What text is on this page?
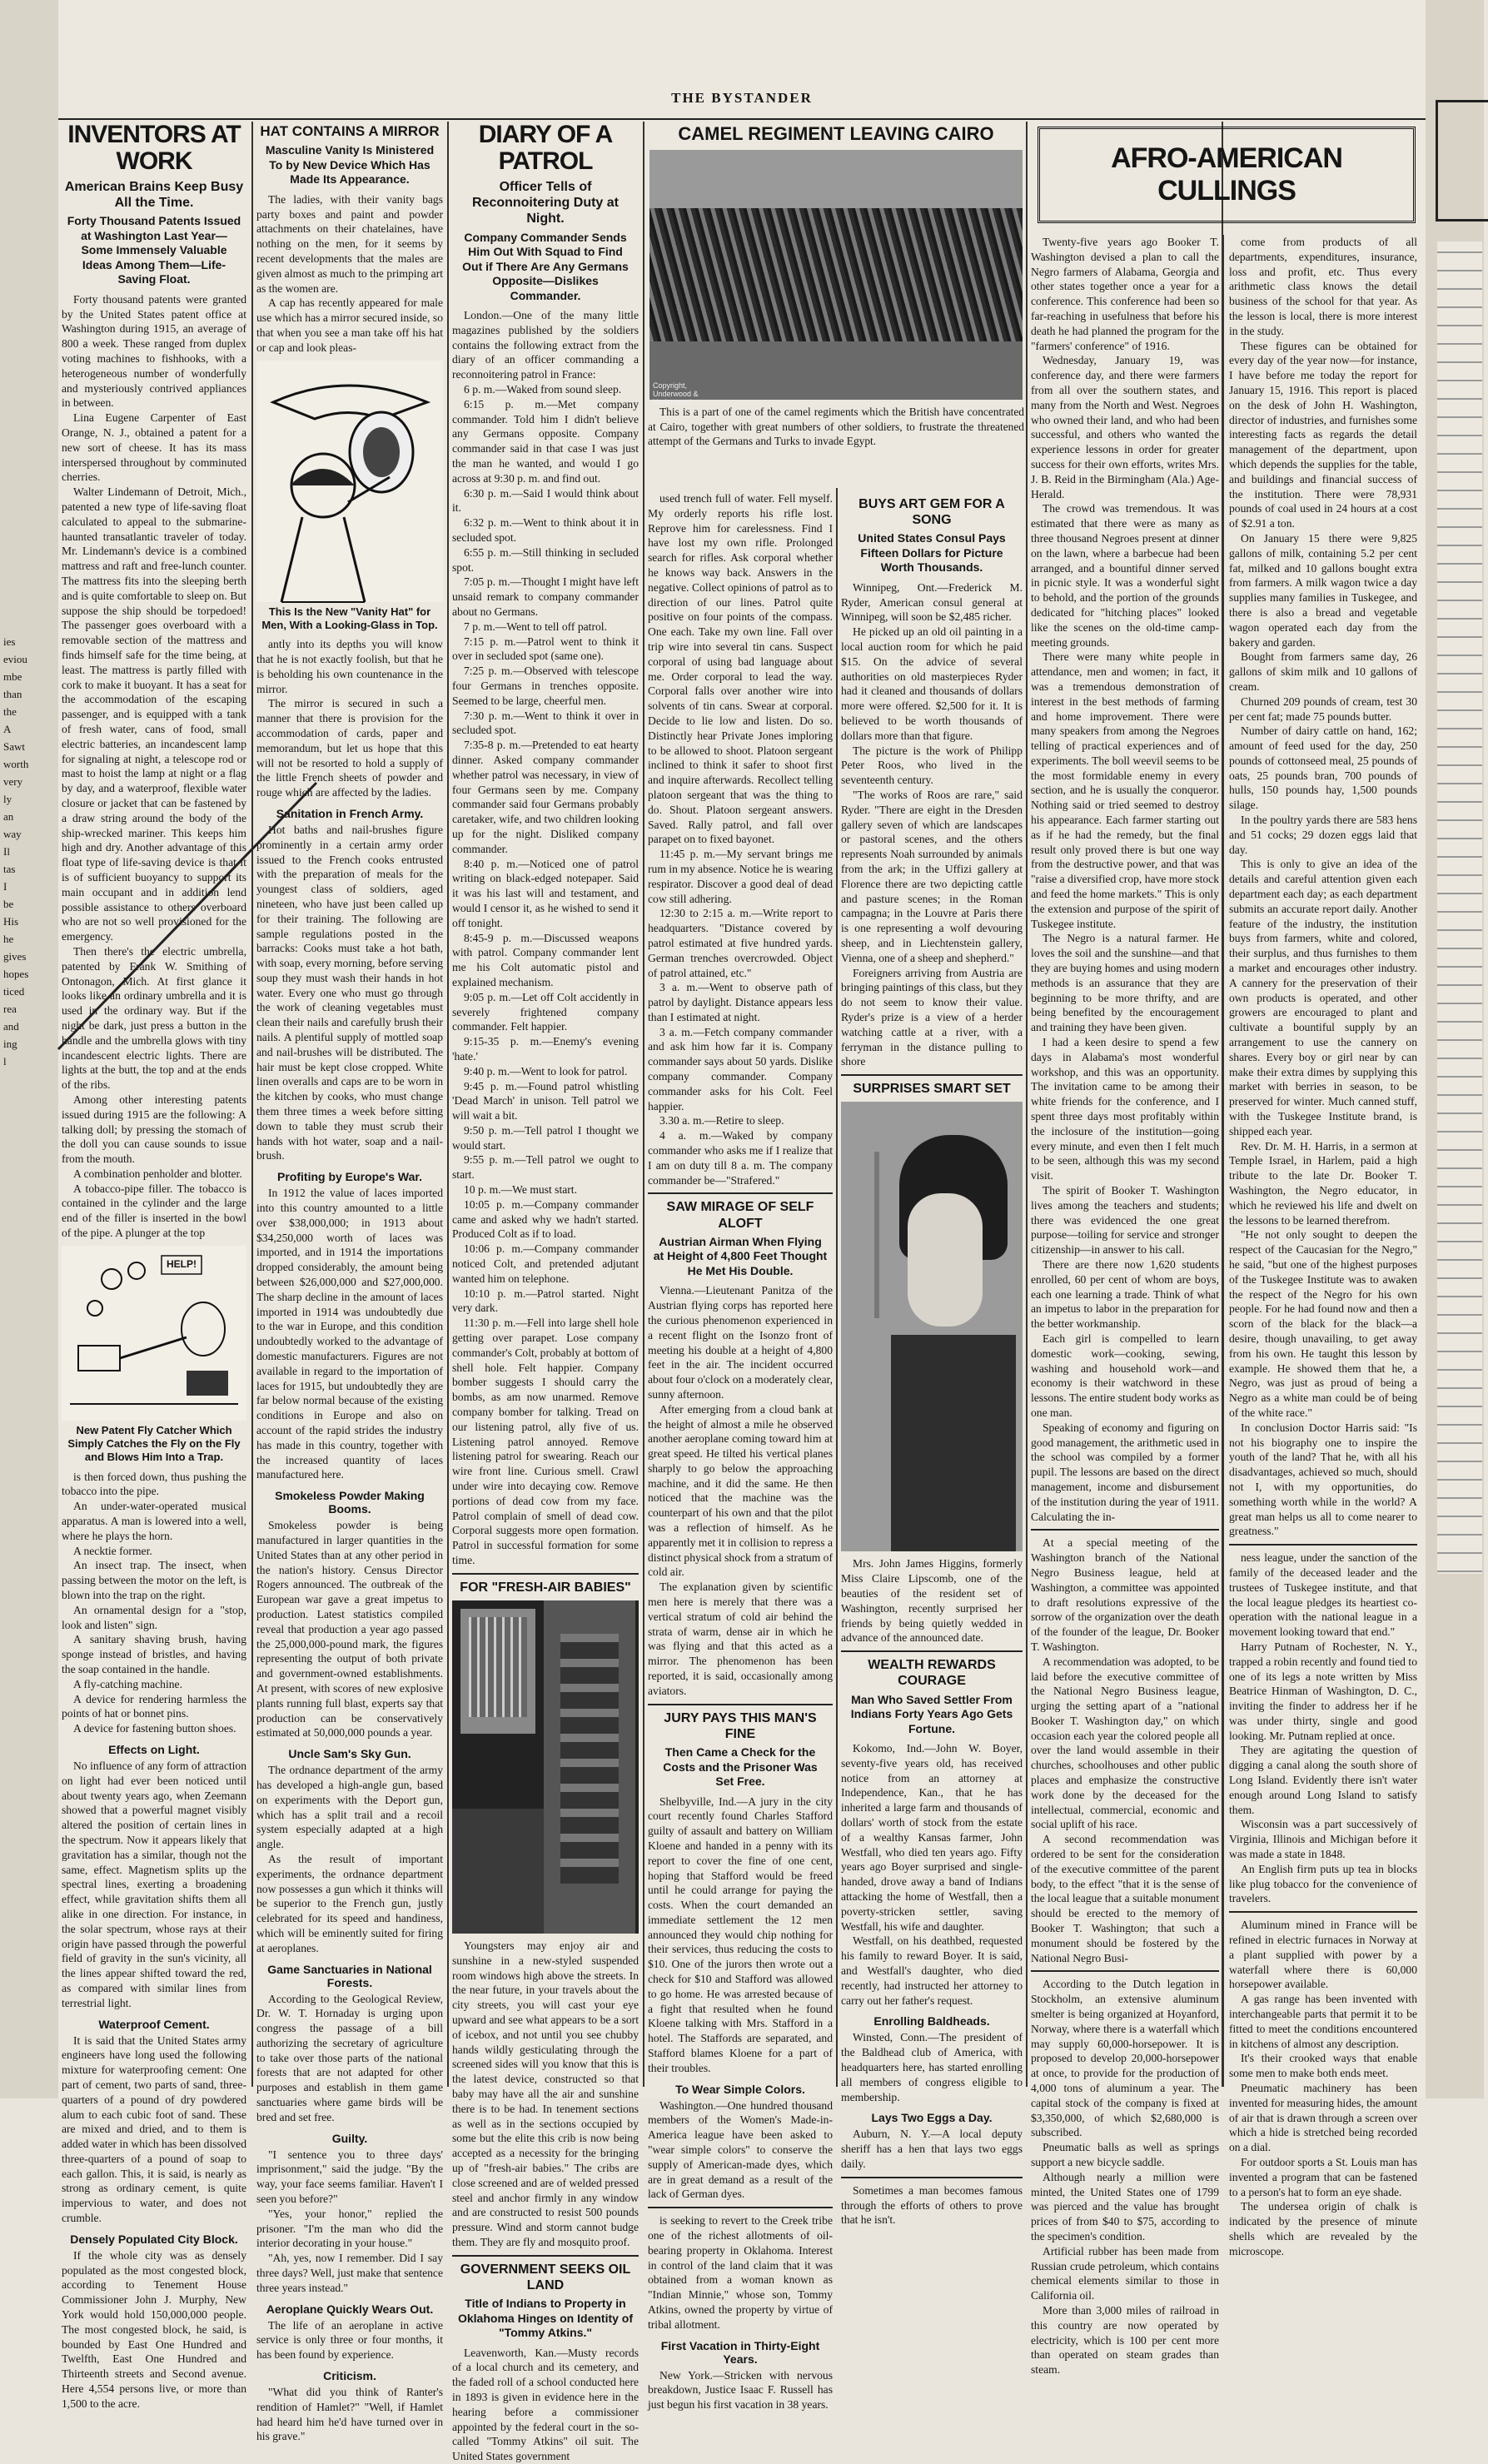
ies eviou mbe than the A Sawt worth very ly an way Il tas I be His he gives hopes ticed rea and ing l
THE BYSTANDER
INVENTORS AT WORK
American Brains Keep Busy All the Time.
Forty Thousand Patents Issued at Washington Last Year—Some Immensely Valuable Ideas Among Them—Life-Saving Float.

Forty thousand patents were granted by the United States patent office at Washington during 1915, an average of 800 a week. These ranged from duplex voting machines to fishhooks, with a heterogeneous number of wonderfully and mysteriously contrived appliances in between.

Lina Eugene Carpenter of East Orange, N. J., obtained a patent for a new sort of cheese. It has its mass interspersed throughout by comminuted cherries.

Walter Lindemann of Detroit, Mich., patented a new type of life-saving float calculated to appeal to the submarine-haunted transatlantic traveler of today. Mr. Lindemann's device is a combined mattress and raft and free-lunch counter. The mattress fits into the sleeping berth and is quite comfortable to sleep on. But suppose the ship should be torpedoed! The passenger goes overboard with a removable section of the mattress and finds himself safe for the time being, at least. The mattress is partly filled with cork to make it buoyant. It has a seat for the accommodation of the escaping passenger, and is equipped with a tank of fresh water, cans of food, small electric batteries, an incandescent lamp for signaling at night, a telescope rod or mast to hoist the lamp at night or a flag by day, and a waterproof, flexible water closure or jacket that can be fastened by a draw string around the body of the ship-wrecked mariner. This keeps him high and dry. Another advantage of this float type of life-saving device is that it is of sufficient buoyancy to support its main occupant and in addition lend possible assistance to others overboard who are not so well provisioned for the emergency.

Then there's the electric umbrella, patented by Frank W. Smithing of Ontonagon, Mich. At first glance it looks like an ordinary umbrella and it is used in the ordinary way. But if the night be dark, just press a button in the handle and the umbrella glows with tiny incandescent electric lights. There are lights at the butt, the top and at the ends of the ribs.

Among other interesting patents issued during 1915 are the following: A talking doll; by pressing the stomach of the doll you can cause sounds to issue from the mouth.

A combination penholder and blotter.

A tobacco-pipe filler. The tobacco is contained in the cylinder and the large end of the filler is inserted in the bowl of the pipe. A plunger at the top

HELP!
New Patent Fly Catcher Which Simply Catches the Fly on the Fly and Blows Him Into a Trap.

is then forced down, thus pushing the tobacco into the pipe.

An under-water-operated musical apparatus. A man is lowered into a well, where he plays the horn.

A necktie former.

An insect trap. The insect, when passing between the motor on the left, is blown into the trap on the right.

An ornamental design for a "stop, look and listen" sign.

A sanitary shaving brush, having sponge instead of bristles, and having the soap contained in the handle.

A fly-catching machine.

A device for rendering harmless the points of hat or bonnet pins.

A device for fastening button shoes.

Effects on Light.

No influence of any form of attraction on light had ever been noticed until about twenty years ago, when Zeemann showed that a powerful magnet visibly altered the position of certain lines in the spectrum. Now it appears likely that gravitation has a similar, though not the same, effect. Magnetism splits up the spectral lines, exerting a broadening effect, while gravitation shifts them all alike in one direction. For instance, in the solar spectrum, whose rays at their origin have passed through the powerful field of gravity in the sun's vicinity, all the lines appear shifted toward the red, as compared with similar lines from terrestrial light.

Waterproof Cement.

It is said that the United States army engineers have long used the following mixture for waterproofing cement: One part of cement, two parts of sand, three-quarters of a pound of dry powdered alum to each cubic foot of sand. These are mixed and dried, and to them is added water in which has been dissolved three-quarters of a pound of soap to each gallon. This, it is said, is nearly as strong as ordinary cement, is quite impervious to water, and does not crumble.

Densely Populated City Block.

If the whole city was as densely populated as the most congested block, according to Tenement House Commissioner John J. Murphy, New York would hold 150,000,000 people. The most congested block, he said, is bounded by East One Hundred and Twelfth, East One Hundred and Thirteenth streets and Second avenue. Here 4,554 persons live, or more than 1,500 to the acre.

HAT CONTAINS A MIRROR
Masculine Vanity Is Ministered To by New Device Which Has Made Its Appearance.

The ladies, with their vanity bags party boxes and paint and powder attachments on their chatelaines, have nothing on the men, for it seems by recent developments that the males are given almost as much to the primping art as the women are.

A cap has recently appeared for male use which has a mirror secured inside, so that when you see a man take off his hat or cap and look pleas-

This Is the New "Vanity Hat" for Men, With a Looking-Glass in Top.

antly into its depths you will know that he is not exactly foolish, but that he is beholding his own countenance in the mirror.

The mirror is secured in such a manner that there is provision for the accommodation of cards, paper and memorandum, but let us hope that this will not be resorted to hold a supply of the little French sheets of powder and rouge which are affected by the ladies.

Sanitation in French Army.

Hot baths and nail-brushes figure prominently in a certain army order issued to the French cooks entrusted with the preparation of meals for the youngest class of soldiers, aged nineteen, who have just been called up for their training. The following are sample regulations posted in the barracks: Cooks must take a hot bath, with soap, every morning, before serving soup they must wash their hands in hot water. Every one who must go through the work of cleaning vegetables must clean their nails and carefully brush their nails. A plentiful supply of mottled soap and nail-brushes will be distributed. The hair must be kept close cropped. White linen overalls and caps are to be worn in the kitchen by cooks, who must change them three times a week before sitting down to table they must scrub their hands with hot water, soap and a nail-brush.

Profiting by Europe's War.

In 1912 the value of laces imported into this country amounted to a little over $38,000,000; in 1913 about $34,250,000 worth of laces was imported, and in 1914 the importations dropped considerably, the amount being between $26,000,000 and $27,000,000. The sharp decline in the amount of laces imported in 1914 was undoubtedly due to the war in Europe, and this condition undoubtedly worked to the advantage of domestic manufacturers. Figures are not available in regard to the importation of laces for 1915, but undoubtedly they are far below normal because of the existing conditions in Europe and also on account of the rapid strides the industry has made in this country, together with the increased quantity of laces manufactured here.

Smokeless Powder Making Booms.

Smokeless powder is being manufactured in larger quantities in the United States than at any other period in the nation's history. Census Director Rogers announced. The outbreak of the European war gave a great impetus to production. Latest statistics compiled reveal that production a year ago passed the 25,000,000-pound mark, the figures representing the output of both private and government-owned establishments. At present, with scores of new explosive plants running full blast, experts say that production can be conservatively estimated at 50,000,000 pounds a year.

Uncle Sam's Sky Gun.

The ordnance department of the army has developed a high-angle gun, based on experiments with the Deport gun, which has a split trail and a recoil system especially adapted at a high angle.

As the result of important experiments, the ordnance department now possesses a gun which it thinks will be superior to the French gun, justly celebrated for its speed and handiness, which will be eminently suited for firing at aeroplanes.

Game Sanctuaries in National Forests.

According to the Geological Review, Dr. W. T. Hornaday is urging upon congress the passage of a bill authorizing the secretary of agriculture to take over those parts of the national forests that are not adapted for other purposes and establish in them game sanctuaries where game birds will be bred and set free.

Guilty.

"I sentence you to three days' imprisonment," said the judge. "By the way, your face seems familiar. Haven't I seen you before?"

"Yes, your honor," replied the prisoner. "I'm the man who did the interior decorating in your house."

"Ah, yes, now I remember. Did I say three days? Well, just make that sentence three years instead."

Aeroplane Quickly Wears Out.

The life of an aeroplane in active service is only three or four months, it has been found by experience.

Criticism.

"What did you think of Ranter's rendition of Hamlet?" "Well, if Hamlet had heard him he'd have turned over in his grave."

DIARY OF A PATROL
Officer Tells of Reconnoitering Duty at Night.
Company Commander Sends Him Out With Squad to Find Out if There Are Any Germans Opposite—Dislikes Commander.

London.—One of the many little magazines published by the soldiers contains the following extract from the diary of an officer commanding a reconnoitering patrol in France:

6 p. m.—Waked from sound sleep.

6:15 p. m.—Met company commander. Told him I didn't believe any Germans opposite. Company commander said in that case I was just the man he wanted, and would I go across at 9:30 p. m. and find out.

6:30 p. m.—Said I would think about it.

6:32 p. m.—Went to think about it in secluded spot.

6:55 p. m.—Still thinking in secluded spot.

7:05 p. m.—Thought I might have left unsaid remark to company commander about no Germans.

7 p. m.—Went to tell off patrol.

7:15 p. m.—Patrol went to think it over in secluded spot (same one).

7:25 p. m.—Observed with telescope four Germans in trenches opposite. Seemed to be large, cheerful men.

7:30 p. m.—Went to think it over in secluded spot.

7:35-8 p. m.—Pretended to eat hearty dinner. Asked company commander whether patrol was necessary, in view of four Germans seen by me. Company commander said four Germans probably caretaker, wife, and two children looking up for the night. Disliked company commander.

8:40 p. m.—Noticed one of patrol writing on black-edged notepaper. Said it was his last will and testament, and would I censor it, as he wished to send it off tonight.

8:45-9 p. m.—Discussed weapons with patrol. Company commander lent me his Colt automatic pistol and explained mechanism.

9:05 p. m.—Let off Colt accidently in severely frightened company commander. Felt happier.

9:15-35 p. m.—Enemy's evening 'hate.'

9:40 p. m.—Went to look for patrol.

9:45 p. m.—Found patrol whistling 'Dead March' in unison. Tell patrol we will wait a bit.

9:50 p. m.—Tell patrol I thought we would start.

9:55 p. m.—Tell patrol we ought to start.

10 p. m.—We must start.

10:05 p. m.—Company commander came and asked why we hadn't started. Produced Colt as if to load.

10:06 p. m.—Company commander noticed Colt, and pretended adjutant wanted him on telephone.

10:10 p. m.—Patrol started. Night very dark.

11:30 p. m.—Fell into large shell hole getting over parapet. Lose company commander's Colt, probably at bottom of shell hole. Felt happier. Company bomber suggests I should carry the bombs, as am now unarmed. Remove company bomber for talking. Tread on our listening patrol, ally five of us. Listening patrol annoyed. Remove listening patrol for swearing. Reach our wire front line. Curious smell. Crawl under wire into decaying cow. Remove portions of dead cow from my face. Patrol complain of smell of dead cow. Corporal suggests more open formation. Patrol in successful formation for some time.

FOR "FRESH-AIR BABIES"

Youngsters may enjoy air and sunshine in a new-styled suspended room windows high above the streets. In the near future, in your travels about the city streets, you will cast your eye upward and see what appears to be a sort of icebox, and not until you see chubby hands wildly gesticulating through the screened sides will you know that this is the latest device, constructed so that baby may have all the air and sunshine there is to be had. In tenement sections as well as in the sections occupied by some but the elite this crib is now being accepted as a necessity for the bringing up of "fresh-air babies." The cribs are close screened and are of welded pressed steel and anchor firmly in any window and are constructed to resist 500 pounds pressure. Wind and storm cannot budge them. They are fly and mosquito proof.

GOVERNMENT SEEKS OIL LAND
Title of Indians to Property in Oklahoma Hinges on Identity of "Tommy Atkins."

Leavenworth, Kan.—Musty records of a local church and its cemetery, and the faded roll of a school conducted here in 1893 is given in evidence here in the hearing before a commissioner appointed by the federal court in the so-called "Tommy Atkins" oil suit. The United States government

CAMEL REGIMENT LEAVING CAIRO
Copyright, Underwood & Underwood

This is a part of one of the camel regiments which the British have concentrated at Cairo, together with great numbers of other soldiers, to frustrate the threatened attempt of the Germans and Turks to invade Egypt.

used trench full of water. Fell myself. My orderly reports his rifle lost. Reprove him for carelessness. Find I have lost my own rifle. Prolonged search for rifles. Ask corporal whether he knows way back. Answers in the negative. Collect opinions of patrol as to direction of our lines. Patrol quite positive on four points of the compass. One each. Take my own line. Fall over trip wire into several tin cans. Suspect corporal of using bad language about me. Order corporal to lead the way. Corporal falls over another wire into solvents of tin cans. Swear at corporal. Decide to lie low and listen. Do so. Distinctly hear Private Jones imploring to be allowed to shoot. Platoon sergeant inclined to think it safer to shoot first and inquire afterwards. Recollect telling platoon sergeant that was the thing to do. Shout. Platoon sergeant answers. Saved. Rally patrol, and fall over parapet on to fixed bayonet.

11:45 p. m.—My servant brings me rum in my absence. Notice he is wearing respirator. Discover a good deal of dead cow still adhering.

12:30 to 2:15 a. m.—Write report to headquarters. "Distance covered by patrol estimated at five hundred yards. German trenches overcrowded. Object of patrol attained, etc."

3 a. m.—Went to observe path of patrol by daylight. Distance appears less than I estimated at night.

3 a. m.—Fetch company commander and ask him how far it is. Company commander says about 50 yards. Dislike company commander. Company commander asks for his Colt. Feel happier.

3.30 a. m.—Retire to sleep.

4 a. m.—Waked by company commander who asks me if I realize that I am on duty till 8 a. m. The company commander be—"Strafered."

SAW MIRAGE OF SELF ALOFT
Austrian Airman When Flying at Height of 4,800 Feet Thought He Met His Double.

Vienna.—Lieutenant Panitza of the Austrian flying corps has reported here the curious phenomenon experienced in a recent flight on the Isonzo front of meeting his double at a height of 4,800 feet in the air. The incident occurred about four o'clock on a moderately clear, sunny afternoon.

After emerging from a cloud bank at the height of almost a mile he observed another aeroplane coming toward him at great speed. He tilted his vertical planes sharply to go below the approaching machine, and it did the same. He then noticed that the machine was the counterpart of his own and that the pilot was a reflection of himself. As he apparently met it in collision to repress a distinct physical shock from a stratum of cold air.

The explanation given by scientific men here is merely that there was a vertical stratum of cold air behind the strata of warm, dense air in which he was flying and that this acted as a mirror. The phenomenon has been reported, it is said, occasionally among aviators.

JURY PAYS THIS MAN'S FINE
Then Came a Check for the Costs and the Prisoner Was Set Free.

Shelbyville, Ind.—A jury in the city court recently found Charles Stafford guilty of assault and battery on William Kloene and handed in a penny with its report to cover the fine of one cent, hoping that Stafford would be freed until he could arrange for paying the costs. When the court demanded an immediate settlement the 12 men announced they would chip nothing for their services, thus reducing the costs to $10. One of the jurors then wrote out a check for $10 and Stafford was allowed to go home. He was arrested because of a fight that resulted when he found Kloene talking with Mrs. Stafford in a hotel. The Staffords are separated, and Stafford blames Kloene for a part of their troubles.

To Wear Simple Colors.

Washington.—One hundred thousand members of the Women's Made-in-America league have been asked to "wear simple colors" to conserve the supply of American-made dyes, which are in great demand as a result of the lack of German dyes.

is seeking to revert to the Creek tribe one of the richest allotments of oil-bearing property in Oklahoma. Interest in control of the land claim that it was obtained from a woman known as "Indian Minnie," whose son, Tommy Atkins, owned the property by virtue of tribal allotment.

First Vacation in Thirty-Eight Years.

New York.—Stricken with nervous breakdown, Justice Isaac F. Russell has just begun his first vacation in 38 years.

BUYS ART GEM FOR A SONG
United States Consul Pays Fifteen Dollars for Picture Worth Thousands.

Winnipeg, Ont.—Frederick M. Ryder, American consul general at Winnipeg, will soon be $2,485 richer.

He picked up an old oil painting in a local auction room for which he paid $15. On the advice of several authorities on old masterpieces Ryder had it cleaned and thousands of dollars more were offered. $2,500 for it. It is believed to be worth thousands of dollars more than that figure.

The picture is the work of Philipp Peter Roos, who lived in the seventeenth century.

"The works of Roos are rare," said Ryder. "There are eight in the Dresden gallery seven of which are landscapes or pastoral scenes, and the others represents Noah surrounded by animals from the ark; in the Uffizi gallery at Florence there are two depicting cattle and pasture scenes; in the Roman campagna; in the Louvre at Paris there is one representing a wolf devouring sheep, and in Liechtenstein gallery, Vienna, one of a sheep and shepherd."

Foreigners arriving from Austria are bringing paintings of this class, but they do not seem to know their value. Ryder's prize is a view of a herder watching cattle at a river, with a ferryman in the distance pulling to shore

SURPRISES SMART SET

Mrs. John James Higgins, formerly Miss Claire Lipscomb, one of the beauties of the resident set of Washington, recently surprised her friends by being quietly wedded in advance of the announced date.

WEALTH REWARDS COURAGE
Man Who Saved Settler From Indians Forty Years Ago Gets Fortune.

Kokomo, Ind.—John W. Boyer, seventy-five years old, has received notice from an attorney at Independence, Kan., that he has inherited a large farm and thousands of dollars' worth of stock from the estate of a wealthy Kansas farmer, John Westfall, who died ten years ago. Fifty years ago Boyer surprised and single-handed, drove away a band of Indians attacking the home of Westfall, then a poverty-stricken settler, saving Westfall, his wife and daughter.

Westfall, on his deathbed, requested his family to reward Boyer. It is said, and Westfall's daughter, who died recently, had instructed her attorney to carry out her father's request.

Enrolling Baldheads.

Winsted, Conn.—The president of the Baldhead club of America, with headquarters here, has started enrolling all members of congress eligible to membership.

Lays Two Eggs a Day.

Auburn, N. Y.—A local deputy sheriff has a hen that lays two eggs daily.

Sometimes a man becomes famous through the efforts of others to prove that he isn't.

AFRO-AMERICAN CULLINGS

Twenty-five years ago Booker T. Washington devised a plan to call the Negro farmers of Alabama, Georgia and other states together once a year for a conference. This conference had been so far-reaching in usefulness that before his death he had planned the program for the "farmers' conference" of 1916.

Wednesday, January 19, was conference day, and there were farmers from all over the southern states, and many from the North and West. Negroes who owned their land, and who had been successful, and others who wanted the experience lessons in order for greater success for their own efforts, writes Mrs. J. B. Reid in the Birmingham (Ala.) Age-Herald.

The crowd was tremendous. It was estimated that there were as many as three thousand Negroes present at dinner on the lawn, where a barbecue had been arranged, and a bountiful dinner served in picnic style. It was a wonderful sight to behold, and the portion of the grounds dedicated for "hitching places" looked like the scenes on the old-time camp-meeting grounds.

There were many white people in attendance, men and women; in fact, it was a tremendous demonstration of interest in the best methods of farming and home improvement. There were many speakers from among the Negroes telling of practical experiences and of experiments. The boll weevil seems to be the most formidable enemy in every section, and he is usually the conqueror. Nothing said or tried seemed to destroy his appearance. Each farmer starting out as if he had the remedy, but the final result only proved there is but one way from the destructive power, and that was "raise a diversified crop, have more stock and feed the home markets." This is only the extension and purpose of the spirit of Tuskegee institute.

The Negro is a natural farmer. He loves the soil and the sunshine—and that they are buying homes and using modern methods is an assurance that they are beginning to be more thrifty, and are being benefited by the encouragement and training they have been given.

I had a keen desire to spend a few days in Alabama's most wonderful workshop, and this was an opportunity. The invitation came to be among their white friends for the conference, and I spent three days most profitably within the inclosure of the institution—going every minute, and even then I felt much to be seen, although this was my second visit.

The spirit of Booker T. Washington lives among the teachers and students; there was evidenced the one great purpose—toiling for service and stronger citizenship—in answer to his call.

There are there now 1,620 students enrolled, 60 per cent of whom are boys, each one learning a trade. Think of what an impetus to labor in the preparation for the better workmanship.

Each girl is compelled to learn domestic work—cooking, sewing, washing and household work—and economy is their watchword in these lessons. The entire student body works as one man.

Speaking of economy and figuring on good management, the arithmetic used in the school was compiled by a former pupil. The lessons are based on the direct management, income and disbursement of the institution during the year of 1911. Calculating the in-

At a special meeting of the Washington branch of the National Negro Business league, held at Washington, a committee was appointed to draft resolutions expressive of the sorrow of the organization over the death of the founder of the league, Dr. Booker T. Washington.

A recommendation was adopted, to be laid before the executive committee of the National Negro Business league, urging the setting apart of a "national Booker T. Washington day," on which occasion each year the colored people all over the land would assemble in their churches, schoolhouses and other public places and emphasize the constructive work done by the deceased for the intellectual, commercial, economic and social uplift of his race.

A second recommendation was ordered to be sent for the consideration of the executive committee of the parent body, to the effect "that it is the sense of the local league that a suitable monument should be erected to the memory of Booker T. Washington; that such a monument should be fostered by the National Negro Busi-

According to the Dutch legation in Stockholm, an extensive aluminum smelter is being organized at Hoyanford, Norway, where there is a waterfall which may supply 60,000-horsepower. It is proposed to develop 20,000-horsepower at once, to provide for the production of 4,000 tons of aluminum a year. The capital stock of the company is fixed at $3,350,000, of which $2,680,000 is subscribed.

Pneumatic balls as well as springs support a new bicycle saddle.

Although nearly a million were minted, the United States one of 1799 was pierced and the value has brought prices of from $40 to $75, according to the specimen's condition.

Artificial rubber has been made from Russian crude petroleum, which contains chemical elements similar to those in California oil.

More than 3,000 miles of railroad in this country are now operated by electricity, which is 100 per cent more than operated on steam grades than steam.

come from products of all departments, expenditures, insurance, loss and profit, etc. Thus every arithmetic class knows the detail business of the school for that year. As the lesson is local, there is more interest in the study.

These figures can be obtained for every day of the year now—for instance, I have before me today the report for January 15, 1916. This report is placed on the desk of John H. Washington, director of industries, and furnishes some interesting facts as regards the detail management of the department, upon which depends the supplies for the table, and buildings and financial success of the institution. There were 78,931 pounds of coal used in 24 hours at a cost of $2.91 a ton.

On January 15 there were 9,825 gallons of milk, containing 5.2 per cent fat, milked and 10 gallons bought extra from farmers. A milk wagon twice a day supplies many families in Tuskegee, and there is also a bread and vegetable wagon operated each day from the bakery and garden.

Bought from farmers same day, 26 gallons of skim milk and 10 gallons of cream.

Churned 209 pounds of cream, test 30 per cent fat; made 75 pounds butter.

Number of dairy cattle on hand, 162; amount of feed used for the day, 250 pounds of cottonseed meal, 25 pounds of oats, 25 pounds bran, 700 pounds of hulls, 150 pounds hay, 1,500 pounds silage.

In the poultry yards there are 583 hens and 51 cocks; 29 dozen eggs laid that day.

This is only to give an idea of the details and careful attention given each department each day; as each department submits an accurate report daily. Another feature of the industry, the institution buys from farmers, white and colored, their surplus, and thus furnishes to them a market and encourages other industry. A cannery for the preservation of their own products is operated, and other growers are encouraged to plant and cultivate a bountiful supply by an arrangement to use the cannery on shares. Every boy or girl near by can make their extra dimes by supplying this market with berries in season, to be preserved for winter. Much canned stuff, with the Tuskegee Institute brand, is shipped each year.

Rev. Dr. M. H. Harris, in a sermon at Temple Israel, in Harlem, paid a high tribute to the late Dr. Booker T. Washington, the Negro educator, in which he reviewed his life and dwelt on the lessons to be learned therefrom.

"He not only sought to deepen the respect of the Caucasian for the Negro," he said, "but one of the highest purposes of the Tuskegee Institute was to awaken the respect of the Negro for his own people. For he had found now and then a scorn of the black for the black—a desire, though unavailing, to get away from his own. He taught this lesson by example. He showed them that he, a Negro, was just as proud of being a Negro as a white man could be of being of the white race."

In conclusion Doctor Harris said: "Is not his biography one to inspire the youth of the land? That he, with all his disadvantages, achieved so much, should not I, with my opportunities, do something worth while in the world? A great man helps us all to come nearer to greatness."

ness league, under the sanction of the family of the deceased leader and the trustees of Tuskegee institute, and that the local league pledges its heartiest co-operation with the national league in a movement looking toward that end."

Harry Putnam of Rochester, N. Y., trapped a robin recently and found tied to one of its legs a note written by Miss Beatrice Hinman of Washington, D. C., inviting the finder to address her if he was under thirty, single and good looking. Mr. Putnam replied at once.

They are agitating the question of digging a canal along the south shore of Long Island. Evidently there isn't water enough around Long Island to satisfy them.

Wisconsin was a part successively of Virginia, Illinois and Michigan before it was made a state in 1848.

An English firm puts up tea in blocks like plug tobacco for the convenience of travelers.

Aluminum mined in France will be refined in electric furnaces in Norway at a plant supplied with power by a waterfall where there is 60,000 horsepower available.

A gas range has been invented with interchangeable parts that permit it to be fitted to meet the conditions encountered in kitchens of almost any description.

It's their crooked ways that enable some men to make both ends meet.

Pneumatic machinery has been invented for measuring hides, the amount of air that is drawn through a screen over which a hide is stretched being recorded on a dial.

For outdoor sports a St. Louis man has invented a program that can be fastened to a person's hat to form an eye shade.

The undersea origin of chalk is indicated by the presence of minute shells which are revealed by the microscope.
